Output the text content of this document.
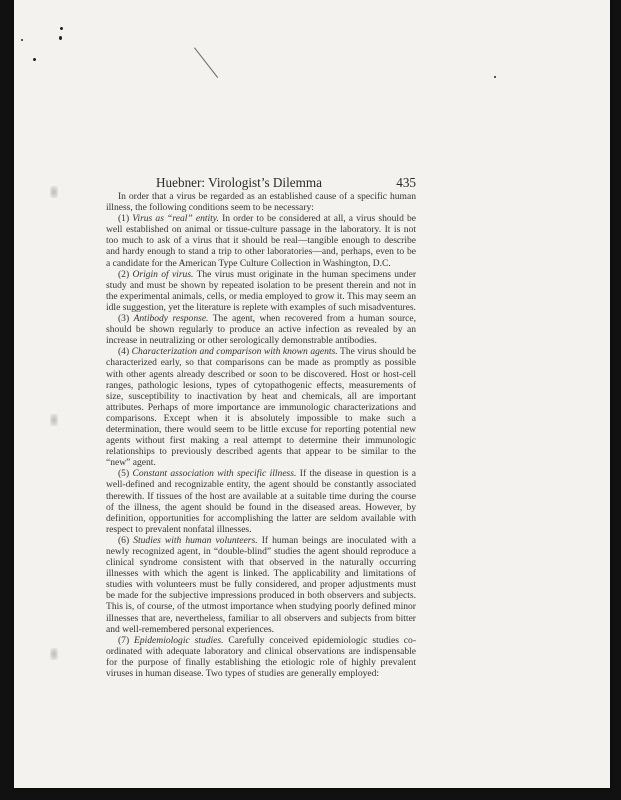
Huebner: Virologist’s Dilemma	435

In order that a virus be regarded as an established cause of a specific human illness, the following conditions seem to be necessary:

(1) Virus as “real” entity. In order to be considered at all, a virus should be well established on animal or tissue-culture passage in the laboratory. It is not too much to ask of a virus that it should be real—tangible enough to describe and hardy enough to stand a trip to other laboratories—and, perhaps, even to be a candidate for the American Type Culture Collection in Washington, D.C.

(2) Origin of virus. The virus must originate in the human specimens under study and must be shown by repeated isolation to be present therein and not in the experimental animals, cells, or media employed to grow it. This may seem an idle suggestion, yet the literature is replete with examples of such misadventures.

(3) Antibody response. The agent, when recovered from a human source, should be shown regularly to produce an active infection as revealed by an increase in neutralizing or other serologically demonstrable antibodies.

(4) Characterization and comparison with known agents. The virus should be characterized early, so that comparisons can be made as promptly as possible with other agents already described or soon to be discovered. Host or host-cell ranges, pathologic lesions, types of cytopathogenic effects, measurements of size, susceptibility to inactivation by heat and chemicals, all are important attributes. Perhaps of more importance are immunologic characterizations and comparisons. Except when it is absolutely impossible to make such a determination, there would seem to be little excuse for reporting potential new agents without first making a real attempt to determine their immunologic relationships to previously described agents that appear to be similar to the “new” agent.

(5) Constant association with specific illness. If the disease in question is a well-defined and recognizable entity, the agent should be constantly associated therewith. If tissues of the host are available at a suitable time during the course of the illness, the agent should be found in the diseased areas. However, by definition, opportunities for accomplishing the latter are seldom available with respect to prevalent nonfatal illnesses.

(6) Studies with human volunteers. If human beings are inoculated with a newly recognized agent, in “double-blind” studies the agent should reproduce a clinical syndrome consistent with that observed in the naturally occurring illnesses with which the agent is linked. The applicability and limitations of studies with volunteers must be fully considered, and proper adjustments must be made for the subjective impressions produced in both observers and subjects. This is, of course, of the utmost importance when studying poorly defined minor illnesses that are, nevertheless, familiar to all observers and subjects from bitter and well-remembered personal experiences.

(7) Epidemiologic studies. Carefully conceived epidemiologic studies co-ordinated with adequate laboratory and clinical observations are indispensable for the purpose of finally establishing the etiologic role of highly prevalent viruses in human disease. Two types of studies are generally employed:
